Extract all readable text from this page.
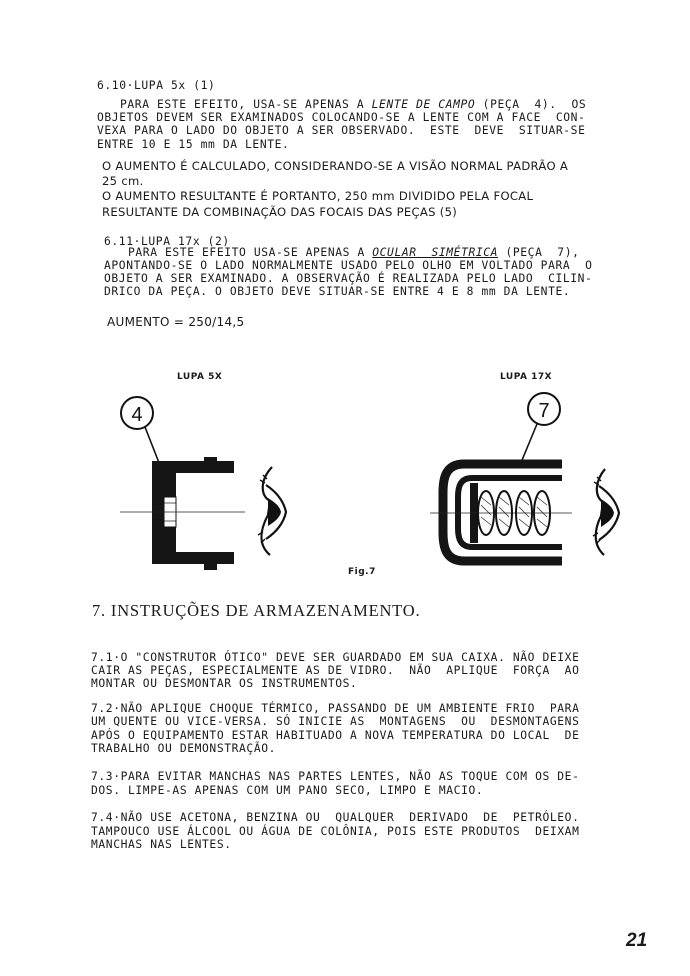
6.10·LUPA 5x (1)
PARA ESTE EFEITO, USA-SE APENAS A LENTE DE CAMPO (PEÇA  4).  OS
OBJETOS DEVEM SER EXAMINADOS COLOCANDO-SE A LENTE COM A FACE  CON-
VEXA PARA O LADO DO OBJETO A SER OBSERVADO.  ESTE  DEVE  SITUAR-SE
ENTRE 10 E 15 mm DA LENTE.
O AUMENTO É CALCULADO, CONSIDERANDO-SE A VISÃO NORMAL PADRÃO A
25 cm.
O AUMENTO RESULTANTE É PORTANTO, 250 mm DIVIDIDO PELA FOCAL
RESULTANTE DA COMBINAÇÃO DAS FOCAIS DAS PEÇAS (5)
6.11·LUPA 17x (2)
PARA ESTE EFEITO USA-SE APENAS A OCULAR  SIMÉTRICA (PEÇA  7),
APONTANDO-SE O LADO NORMALMENTE USADO PELO OLHO EM VOLTADO PARA  O
OBJETO A SER EXAMINADO. A OBSERVAÇÃO É REALIZADA PELO LADO  CILIN-
DRICO DA PEÇA. O OBJETO DEVE SITUAR-SE ENTRE 4 E 8 mm DA LENTE.
AUMENTO = 250/14,5
LUPA 5X	LUPA 17X
4	7
Fig.7
7. INSTRUÇÕES DE ARMAZENAMENTO.
7.1·O "CONSTRUTOR ÓTICO" DEVE SER GUARDADO EM SUA CAIXA. NÃO DEIXE
CAIR AS PEÇAS, ESPECIALMENTE AS DE VIDRO.  NÃO  APLIQUE  FORÇA  AO
MONTAR OU DESMONTAR OS INSTRUMENTOS.
7.2·NÃO APLIQUE CHOQUE TÉRMICO, PASSANDO DE UM AMBIENTE FRIO  PARA
UM QUENTE OU VICE-VERSA. SÓ INICIE AS  MONTAGENS  OU  DESMONTAGENS
APÓS O EQUIPAMENTO ESTAR HABITUADO A NOVA TEMPERATURA DO LOCAL  DE
TRABALHO OU DEMONSTRAÇÃO.
7.3·PARA EVITAR MANCHAS NAS PARTES LENTES, NÃO AS TOQUE COM OS DE-
DOS. LIMPE-AS APENAS COM UM PANO SECO, LIMPO E MACIO.
7.4·NÃO USE ACETONA, BENZINA OU  QUALQUER  DERIVADO  DE  PETRÓLEO.
TAMPOUCO USE ÁLCOOL OU ÁGUA DE COLÔNIA, POIS ESTE PRODUTOS  DEIXAM
MANCHAS NAS LENTES.
21
